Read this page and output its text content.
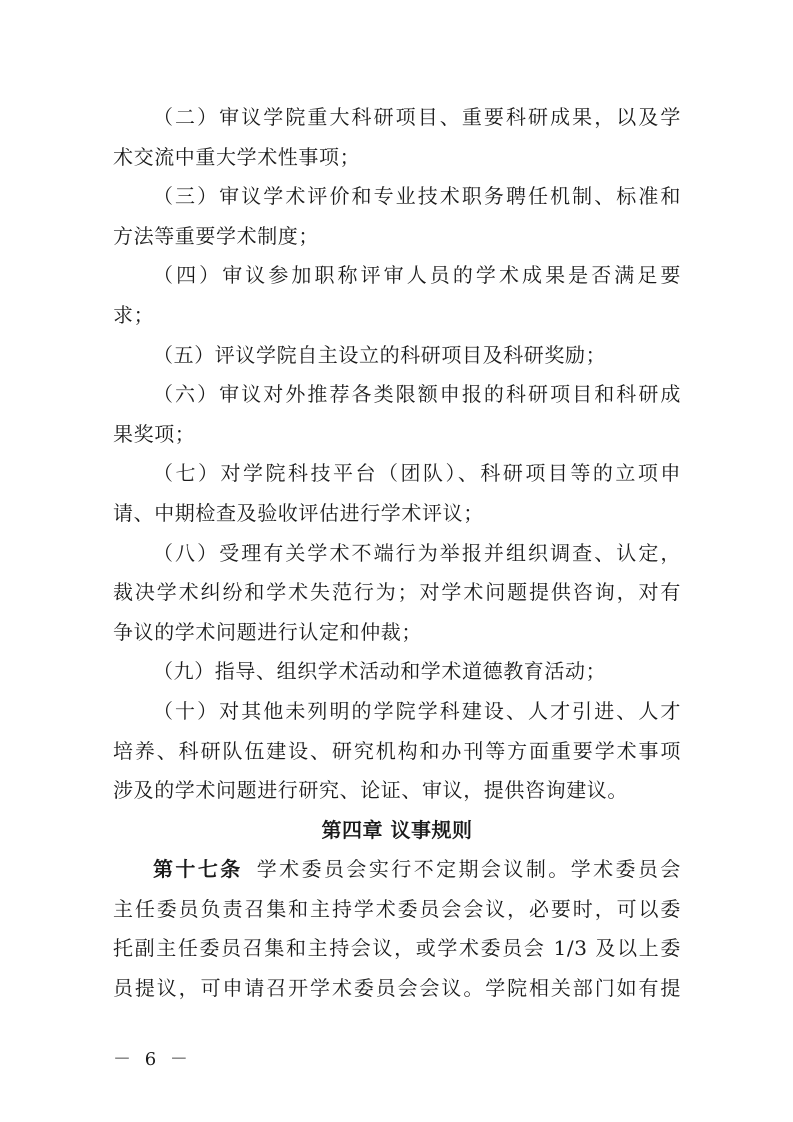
（二）审议学院重大科研项目、重要科研成果，以及学
术交流中重大学术性事项；

（三）审议学术评价和专业技术职务聘任机制、标准和
方法等重要学术制度；

（四）审议参加职称评审人员的学术成果是否满足要
求；

（五）评议学院自主设立的科研项目及科研奖励；

（六）审议对外推荐各类限额申报的科研项目和科研成
果奖项；

（七）对学院科技平台（团队）、科研项目等的立项申
请、中期检查及验收评估进行学术评议；

（八）受理有关学术不端行为举报并组织调查、认定，
裁决学术纠纷和学术失范行为；对学术问题提供咨询，对有
争议的学术问题进行认定和仲裁；

（九）指导、组织学术活动和学术道德教育活动；

（十）对其他未列明的学院学科建设、人才引进、人才
培养、科研队伍建设、研究机构和办刊等方面重要学术事项
涉及的学术问题进行研究、论证、审议，提供咨询建议。

第四章 议事规则

第十七条 学术委员会实行不定期会议制。学术委员会
主任委员负责召集和主持学术委员会会议，必要时，可以委
托副主任委员召集和主持会议，或学术委员会 1/3 及以上委
员提议，可申请召开学术委员会会议。学院相关部门如有提

－ 6 －
